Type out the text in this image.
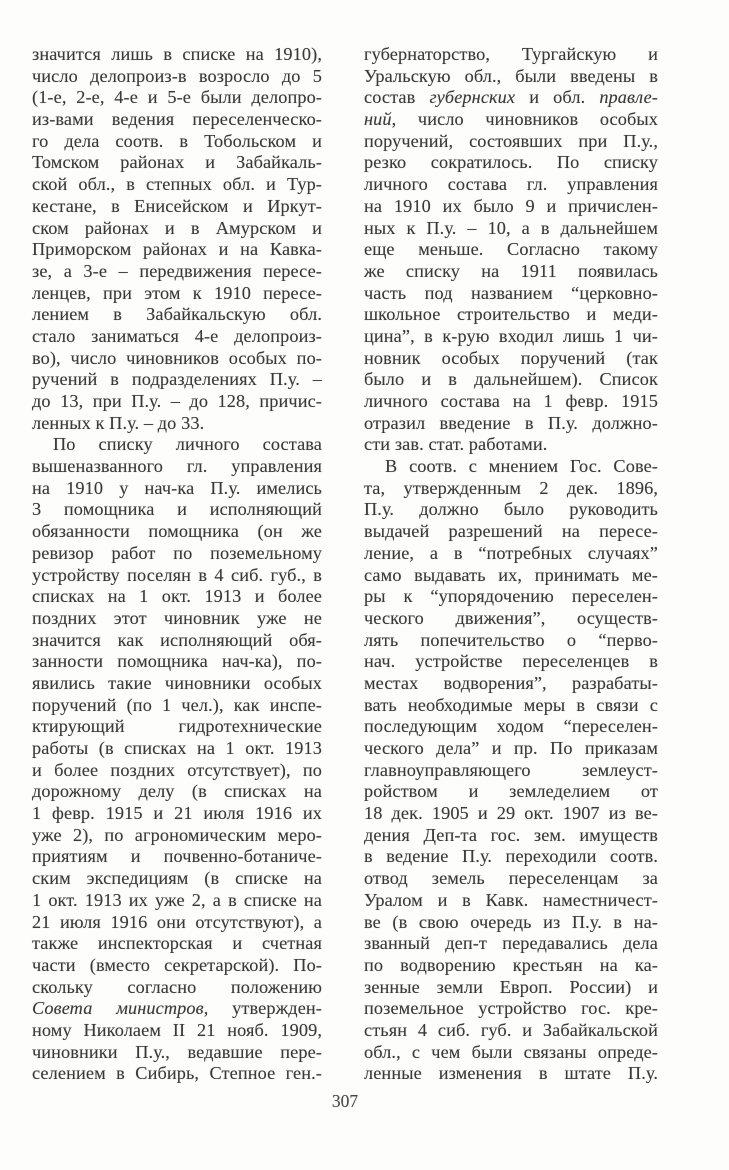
значится лишь в списке на 1910),
число делопроиз-в возросло до 5
(1-е, 2-е, 4-е и 5-е были делопро-
из-вами ведения переселенческо-
го дела соотв. в Тобольском и
Томском районах и Забайкаль-
ской обл., в степных обл. и Тур-
кестане, в Енисейском и Иркут-
ском районах и в Амурском и
Приморском районах и на Кавка-
зе, а 3-е – передвижения пересе-
ленцев, при этом к 1910 пересе-
лением в Забайкальскую обл.
стало заниматься 4-е делопроиз-
во), число чиновников особых по-
ручений в подразделениях П.у. –
до 13, при П.у. – до 128, причис-
ленных к П.у. – до 33.
По списку личного состава
вышеназванного гл. управления
на 1910 у нач-ка П.у. имелись
3 помощника и исполняющий
обязанности помощника (он же
ревизор работ по поземельному
устройству поселян в 4 сиб. губ., в
списках на 1 окт. 1913 и более
поздних этот чиновник уже не
значится как исполняющий обя-
занности помощника нач-ка), по-
явились такие чиновники особых
поручений (по 1 чел.), как инспе-
ктирующий гидротехнические
работы (в списках на 1 окт. 1913
и более поздних отсутствует), по
дорожному делу (в списках на
1 февр. 1915 и 21 июля 1916 их
уже 2), по агрономическим меро-
приятиям и почвенно-ботаниче-
ским экспедициям (в списке на
1 окт. 1913 их уже 2, а в списке на
21 июля 1916 они отсутствуют), а
также инспекторская и счетная
части (вместо секретарской). По-
скольку согласно положению
Совета министров, утвержден-
ному Николаем II 21 нояб. 1909,
чиновники П.у., ведавшие пере-
селением в Сибирь, Степное ген.-
губернаторство, Тургайскую и
Уральскую обл., были введены в
состав губернских и обл. правле-
ний, число чиновников особых
поручений, состоявших при П.у.,
резко сократилось. По списку
личного состава гл. управления
на 1910 их было 9 и причислен-
ных к П.у. – 10, а в дальнейшем
еще меньше. Согласно такому
же списку на 1911 появилась
часть под названием “церковно-
школьное строительство и меди-
цина”, в к-рую входил лишь 1 чи-
новник особых поручений (так
было и в дальнейшем). Список
личного состава на 1 февр. 1915
отразил введение в П.у. должно-
сти зав. стат. работами.
В соотв. с мнением Гос. Сове-
та, утвержденным 2 дек. 1896,
П.у. должно было руководить
выдачей разрешений на пересе-
ление, а в “потребных случаях”
само выдавать их, принимать ме-
ры к “упорядочению переселен-
ческого движения”, осуществ-
лять попечительство о “перво-
нач. устройстве переселенцев в
местах водворения”, разрабаты-
вать необходимые меры в связи с
последующим ходом “переселен-
ческого дела” и пр. По приказам
главноуправляющего землеуст-
ройством и земледелием от
18 дек. 1905 и 29 окт. 1907 из ве-
дения Деп-та гос. зем. имуществ
в ведение П.у. переходили соотв.
отвод земель переселенцам за
Уралом и в Кавк. наместничест-
ве (в свою очередь из П.у. в на-
званный деп-т передавались дела
по водворению крестьян на ка-
зенные земли Европ. России) и
поземельное устройство гос. кре-
стьян 4 сиб. губ. и Забайкальской
обл., с чем были связаны опреде-
ленные изменения в штате П.у.
307
